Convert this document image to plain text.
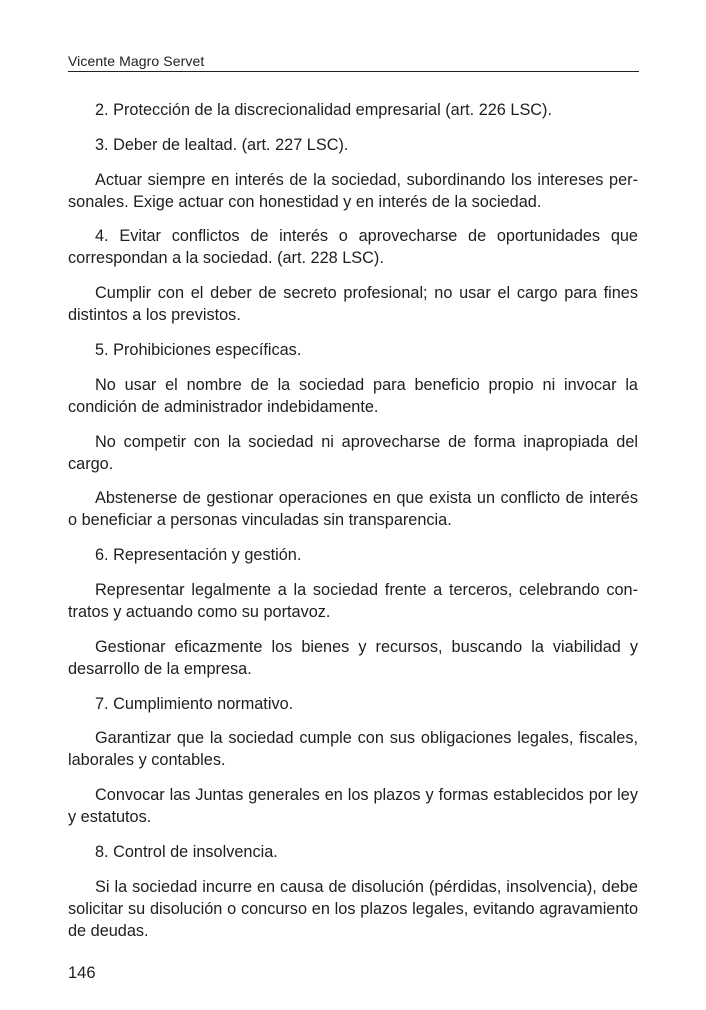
Vicente Magro Servet

2. Protección de la discrecionalidad empresarial (art. 226 LSC).

3. Deber de lealtad. (art. 227 LSC).

Actuar siempre en interés de la sociedad, subordinando los intereses personales. Exige actuar con honestidad y en interés de la sociedad.

4. Evitar conflictos de interés o aprovecharse de oportunidades que correspondan a la sociedad. (art. 228 LSC).

Cumplir con el deber de secreto profesional; no usar el cargo para fines distintos a los previstos.

5. Prohibiciones específicas.

No usar el nombre de la sociedad para beneficio propio ni invocar la condición de administrador indebidamente.

No competir con la sociedad ni aprovecharse de forma inapropiada del cargo.

Abstenerse de gestionar operaciones en que exista un conflicto de interés o beneficiar a personas vinculadas sin transparencia.

6. Representación y gestión.

Representar legalmente a la sociedad frente a terceros, celebrando contratos y actuando como su portavoz.

Gestionar eficazmente los bienes y recursos, buscando la viabilidad y desarrollo de la empresa.

7. Cumplimiento normativo.

Garantizar que la sociedad cumple con sus obligaciones legales, fiscales, laborales y contables.

Convocar las Juntas generales en los plazos y formas establecidos por ley y estatutos.

8. Control de insolvencia.

Si la sociedad incurre en causa de disolución (pérdidas, insolvencia), debe solicitar su disolución o concurso en los plazos legales, evitando agravamiento de deudas.

146
